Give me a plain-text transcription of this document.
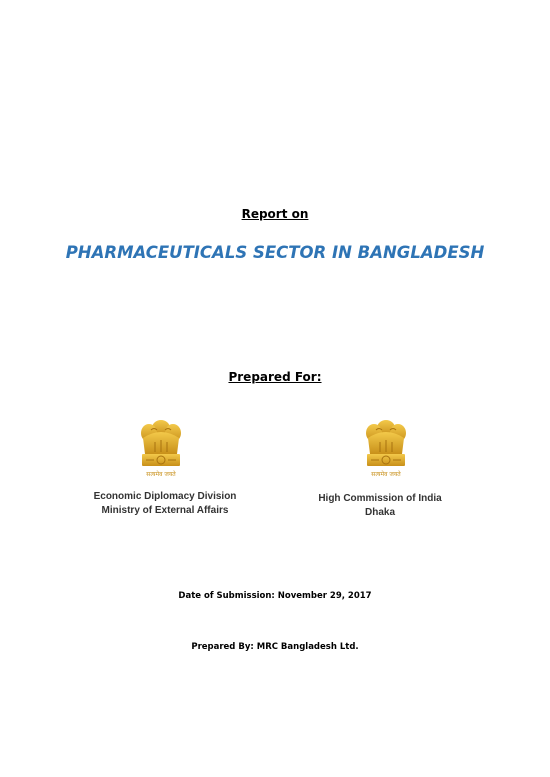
Report on
PHARMACEUTICALS SECTOR IN BANGLADESH
Prepared For:
सत्यमेव जयते	सत्यमेव जयते
Economic Diplomacy Division
Ministry of External Affairs
High Commission of India
Dhaka
Date of Submission: November 29, 2017
Prepared By: MRC Bangladesh Ltd.
